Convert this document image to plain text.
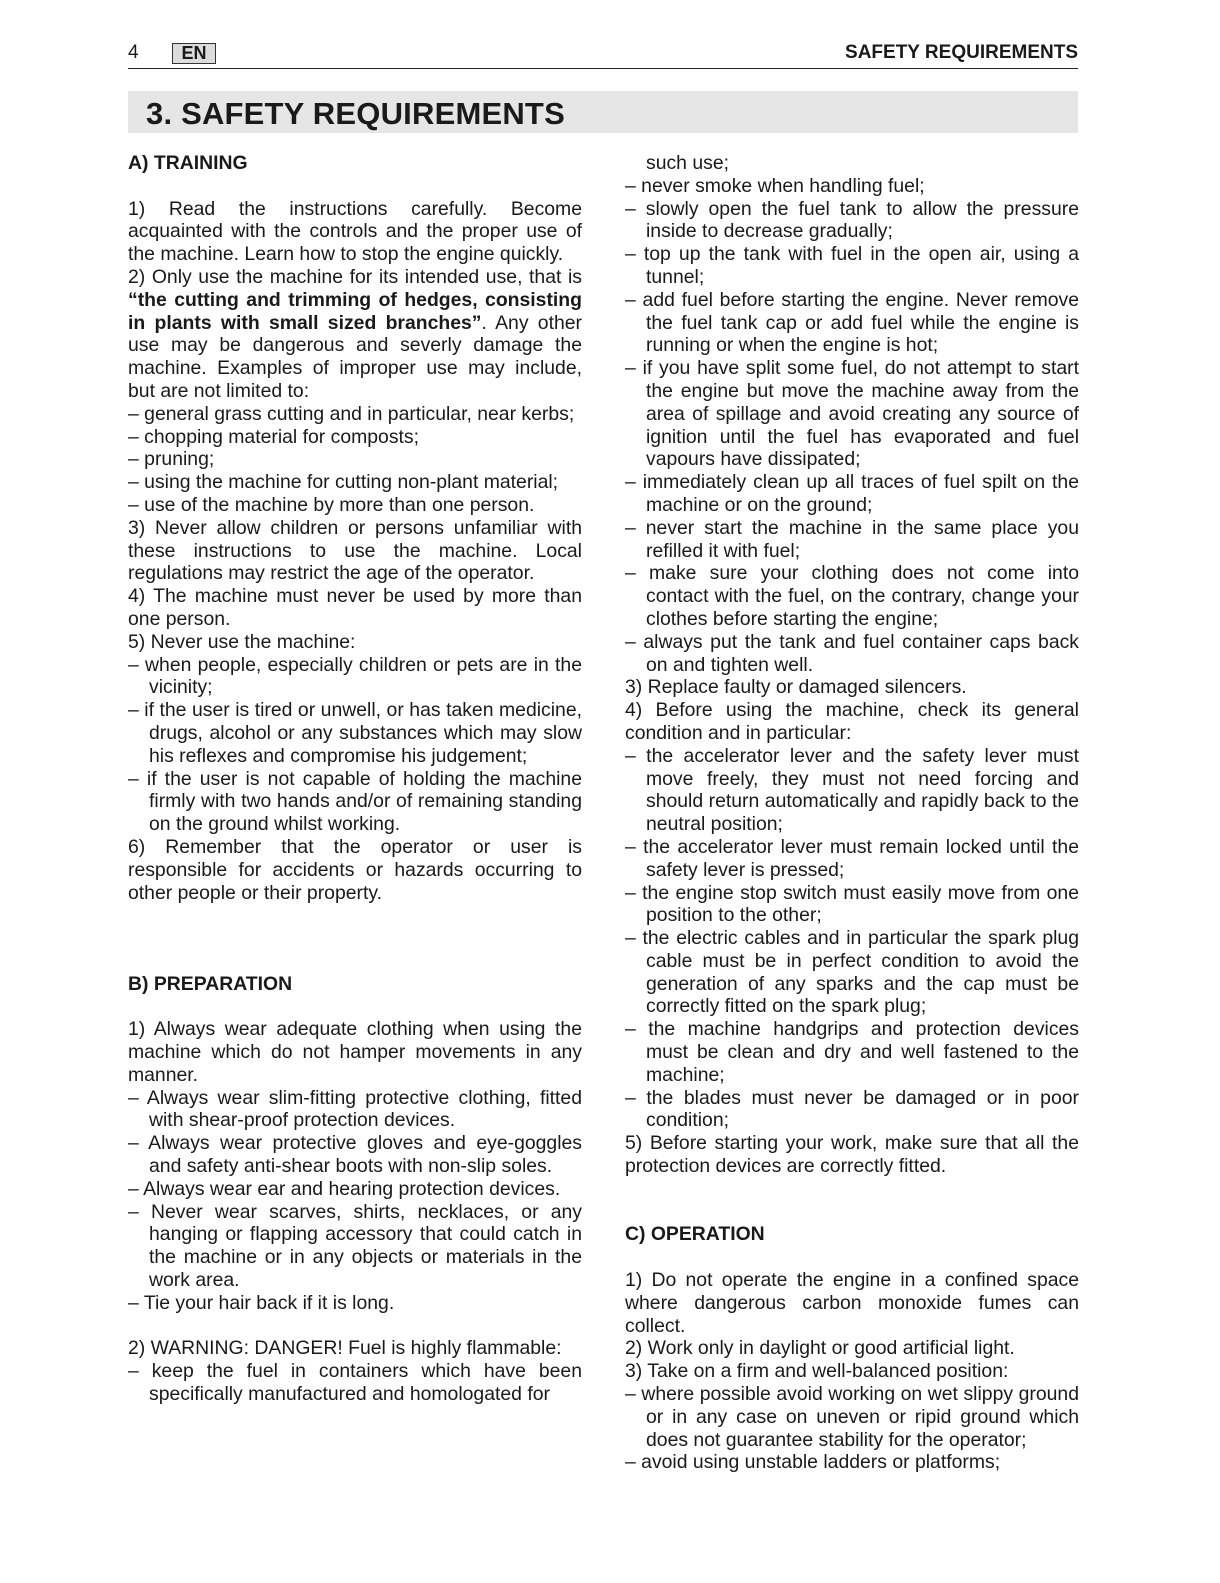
4	EN	SAFETY REQUIREMENTS
3. SAFETY REQUIREMENTS
A) TRAINING

1) Read the instructions carefully. Become acquainted with the controls and the proper use of the machine. Learn how to stop the engine quickly.

2) Only use the machine for its intended use, that is “the cutting and trimming of hedges, consisting in plants with small sized branches”. Any other use may be dangerous and severly damage the machine. Examples of improper use may include, but are not limited to:

– general grass cutting and in particular, near kerbs;

– chopping material for composts;

– pruning;

– using the machine for cutting non-plant material;

– use of the machine by more than one person.

3) Never allow children or persons unfamiliar with these instructions to use the machine. Local regulations may restrict the age of the operator.

4) The machine must never be used by more than one person.

5) Never use the machine:

– when people, especially children or pets are in the vicinity;

– if the user is tired or unwell, or has taken medicine, drugs, alcohol or any substances which may slow his reflexes and compromise his judgement;

– if the user is not capable of holding the machine firmly with two hands and/or of remaining standing on the ground whilst working.

6) Remember that the operator or user is responsible for accidents or hazards occurring to other people or their property.

B) PREPARATION

1) Always wear adequate clothing when using the machine which do not hamper movements in any manner.

– Always wear slim-fitting protective clothing, fitted with shear-proof protection devices.

– Always wear protective gloves and eye-goggles and safety anti-shear boots with non-slip soles.

– Always wear ear and hearing protection devices.

– Never wear scarves, shirts, necklaces, or any hanging or flapping accessory that could catch in the machine or in any objects or materials in the work area.

– Tie your hair back if it is long.

2) WARNING: DANGER! Fuel is highly flammable:

– keep the fuel in containers which have been specifically manufactured and homologated for

such use;

– never smoke when handling fuel;

– slowly open the fuel tank to allow the pressure inside to decrease gradually;

– top up the tank with fuel in the open air, using a tunnel;

– add fuel before starting the engine. Never remove the fuel tank cap or add fuel while the engine is running or when the engine is hot;

– if you have split some fuel, do not attempt to start the engine but move the machine away from the area of spillage and avoid creating any source of ignition until the fuel has evaporated and fuel vapours have dissipated;

– immediately clean up all traces of fuel spilt on the machine or on the ground;

– never start the machine in the same place you refilled it with fuel;

– make sure your clothing does not come into contact with the fuel, on the contrary, change your clothes before starting the engine;

– always put the tank and fuel container caps back on and tighten well.

3) Replace faulty or damaged silencers.

4) Before using the machine, check its general condition and in particular:

– the accelerator lever and the safety lever must move freely, they must not need forcing and should return automatically and rapidly back to the neutral position;

– the accelerator lever must remain locked until the safety lever is pressed;

– the engine stop switch must easily move from one position to the other;

– the electric cables and in particular the spark plug cable must be in perfect condition to avoid the generation of any sparks and the cap must be correctly fitted on the spark plug;

– the machine handgrips and protection devices must be clean and dry and well fastened to the machine;

– the blades must never be damaged or in poor condition;

5) Before starting your work, make sure that all the protection devices are correctly fitted.

C) OPERATION

1) Do not operate the engine in a confined space where dangerous carbon monoxide fumes can collect.

2) Work only in daylight or good artificial light.

3) Take on a firm and well-balanced position:

– where possible avoid working on wet slippy ground or in any case on uneven or ripid ground which does not guarantee stability for the operator;

– avoid using unstable ladders or platforms;
